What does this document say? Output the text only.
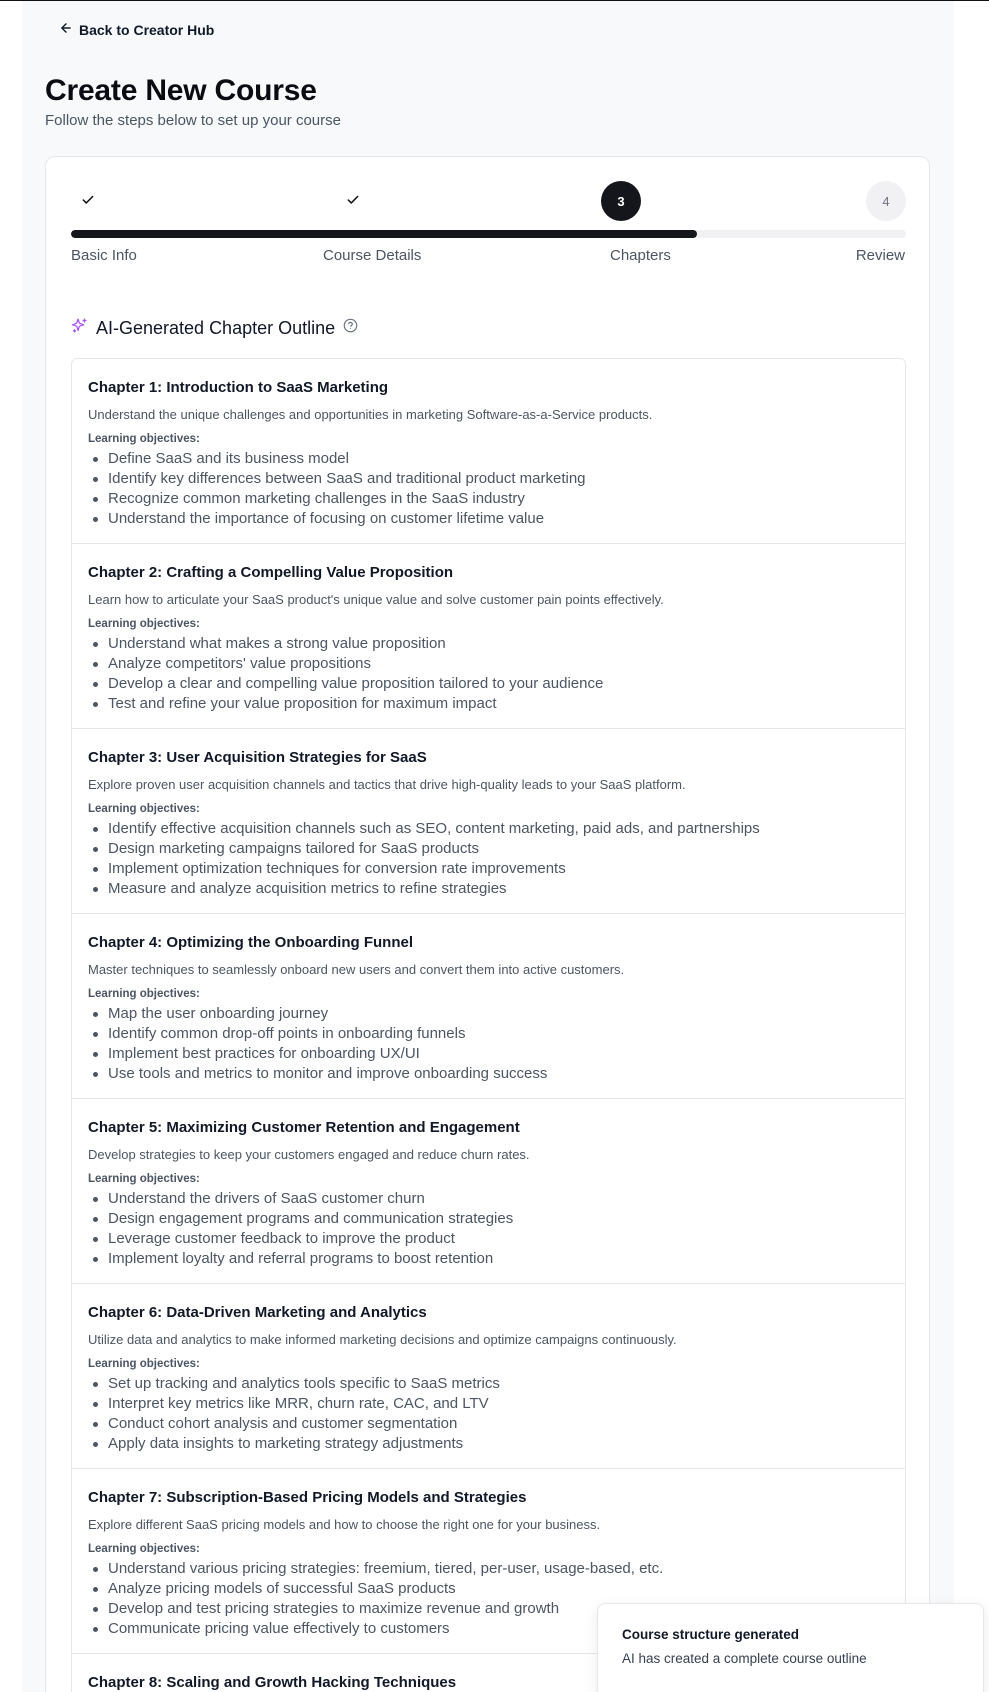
Back to Creator Hub
Create New Course

Follow the steps below to set up your course

3	4
Basic Info	Course Details	Chapters	Review
AI-Generated Chapter Outline
Chapter 1: Introduction to SaaS Marketing
Understand the unique challenges and opportunities in marketing Software-as-a-Service products.
Learning objectives:
Define SaaS and its business model
Identify key differences between SaaS and traditional product marketing
Recognize common marketing challenges in the SaaS industry
Understand the importance of focusing on customer lifetime value
Chapter 2: Crafting a Compelling Value Proposition
Learn how to articulate your SaaS product's unique value and solve customer pain points effectively.
Learning objectives:
Understand what makes a strong value proposition
Analyze competitors' value propositions
Develop a clear and compelling value proposition tailored to your audience
Test and refine your value proposition for maximum impact
Chapter 3: User Acquisition Strategies for SaaS
Explore proven user acquisition channels and tactics that drive high-quality leads to your SaaS platform.
Learning objectives:
Identify effective acquisition channels such as SEO, content marketing, paid ads, and partnerships
Design marketing campaigns tailored for SaaS products
Implement optimization techniques for conversion rate improvements
Measure and analyze acquisition metrics to refine strategies
Chapter 4: Optimizing the Onboarding Funnel
Master techniques to seamlessly onboard new users and convert them into active customers.
Learning objectives:
Map the user onboarding journey
Identify common drop-off points in onboarding funnels
Implement best practices for onboarding UX/UI
Use tools and metrics to monitor and improve onboarding success
Chapter 5: Maximizing Customer Retention and Engagement
Develop strategies to keep your customers engaged and reduce churn rates.
Learning objectives:
Understand the drivers of SaaS customer churn
Design engagement programs and communication strategies
Leverage customer feedback to improve the product
Implement loyalty and referral programs to boost retention
Chapter 6: Data-Driven Marketing and Analytics
Utilize data and analytics to make informed marketing decisions and optimize campaigns continuously.
Learning objectives:
Set up tracking and analytics tools specific to SaaS metrics
Interpret key metrics like MRR, churn rate, CAC, and LTV
Conduct cohort analysis and customer segmentation
Apply data insights to marketing strategy adjustments
Chapter 7: Subscription-Based Pricing Models and Strategies
Explore different SaaS pricing models and how to choose the right one for your business.
Learning objectives:
Understand various pricing strategies: freemium, tiered, per-user, usage-based, etc.
Analyze pricing models of successful SaaS products
Develop and test pricing strategies to maximize revenue and growth
Communicate pricing value effectively to customers
Chapter 8: Scaling and Growth Hacking Techniques
Course structure generated
AI has created a complete course outline
